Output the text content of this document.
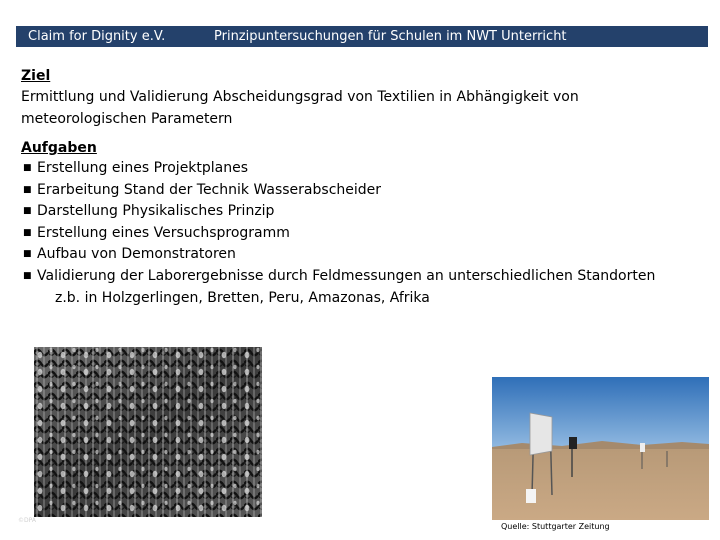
Claim for Dignity e.V.	Prinzipuntersuchungen für Schulen im NWT Unterricht
Ziel
Ermittlung und Validierung Abscheidungsgrad von Textilien in Abhängigkeit von
meteorologischen Parametern
Aufgaben
■ Erstellung eines Projektplanes
■ Erarbeitung Stand der Technik Wasserabscheider
■ Darstellung Physikalisches Prinzip
■ Erstellung eines Versuchsprogramm
■ Aufbau von Demonstratoren
■ Validierung der Laborergebnisse durch Feldmessungen an unterschiedlichen Standorten
z.b. in Holzgerlingen, Bretten, Peru, Amazonas, Afrika
Quelle: Stuttgarter Zeitung
©DPA
